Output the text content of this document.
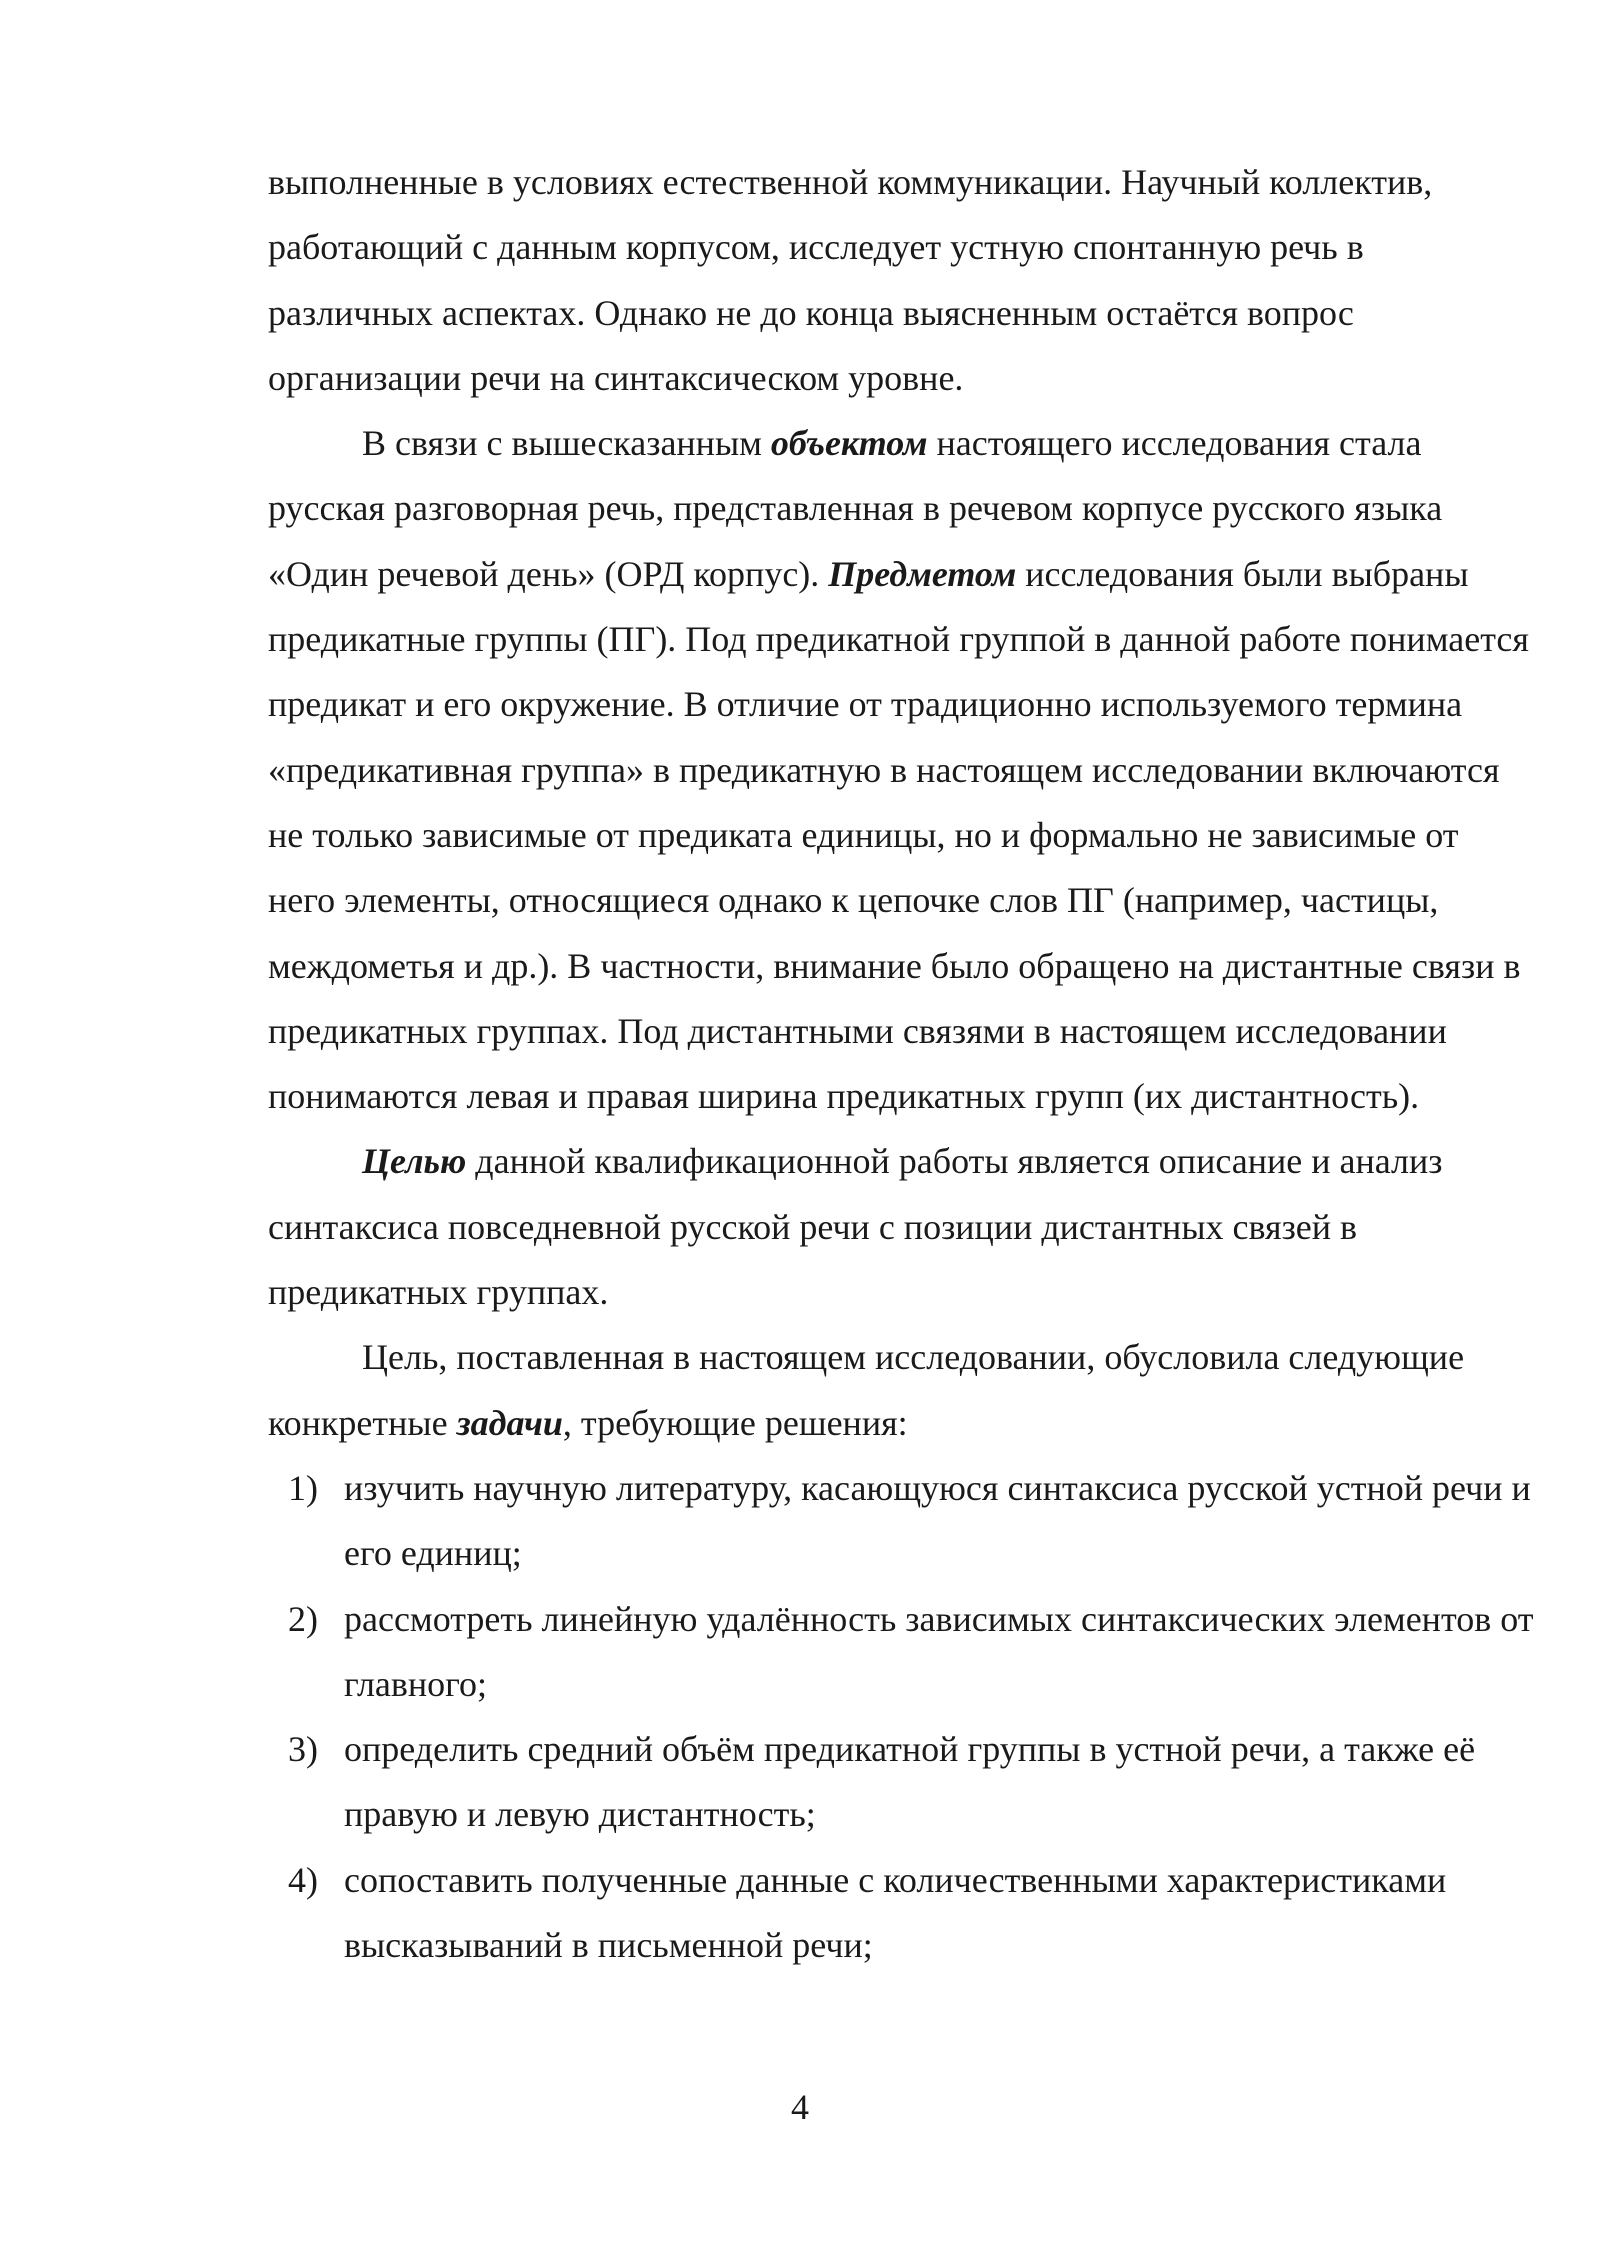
выполненные в условиях естественной коммуникации. Научный коллектив, работающий с данным корпусом, исследует устную спонтанную речь в различных аспектах. Однако не до конца выясненным остаётся вопрос организации речи на синтаксическом уровне.

В связи с вышесказанным объектом настоящего исследования стала русская разговорная речь, представленная в речевом корпусе русского языка «Один речевой день» (ОРД корпус). Предметом исследования были выбраны предикатные группы (ПГ). Под предикатной группой в данной работе понимается предикат и его окружение. В отличие от традиционно используемого термина «предикативная группа» в предикатную в настоящем исследовании включаются не только зависимые от предиката единицы, но и формально не зависимые от него элементы, относящиеся однако к цепочке слов ПГ (например, частицы, междометья и др.). В частности, внимание было обращено на дистантные связи в предикатных группах. Под дистантными связями в настоящем исследовании понимаются левая и правая ширина предикатных групп (их дистантность).

Целью данной квалификационной работы является описание и анализ синтаксиса повседневной русской речи с позиции дистантных связей в предикатных группах.

Цель, поставленная в настоящем исследовании, обусловила следующие конкретные задачи, требующие решения:

1) изучить научную литературу, касающуюся синтаксиса русской устной речи и его единиц;
2) рассмотреть линейную удалённость зависимых синтаксических элементов от главного;
3) определить средний объём предикатной группы в устной речи, а также её правую и левую дистантность;
4) сопоставить полученные данные с количественными характеристиками высказываний в письменной речи;
4
